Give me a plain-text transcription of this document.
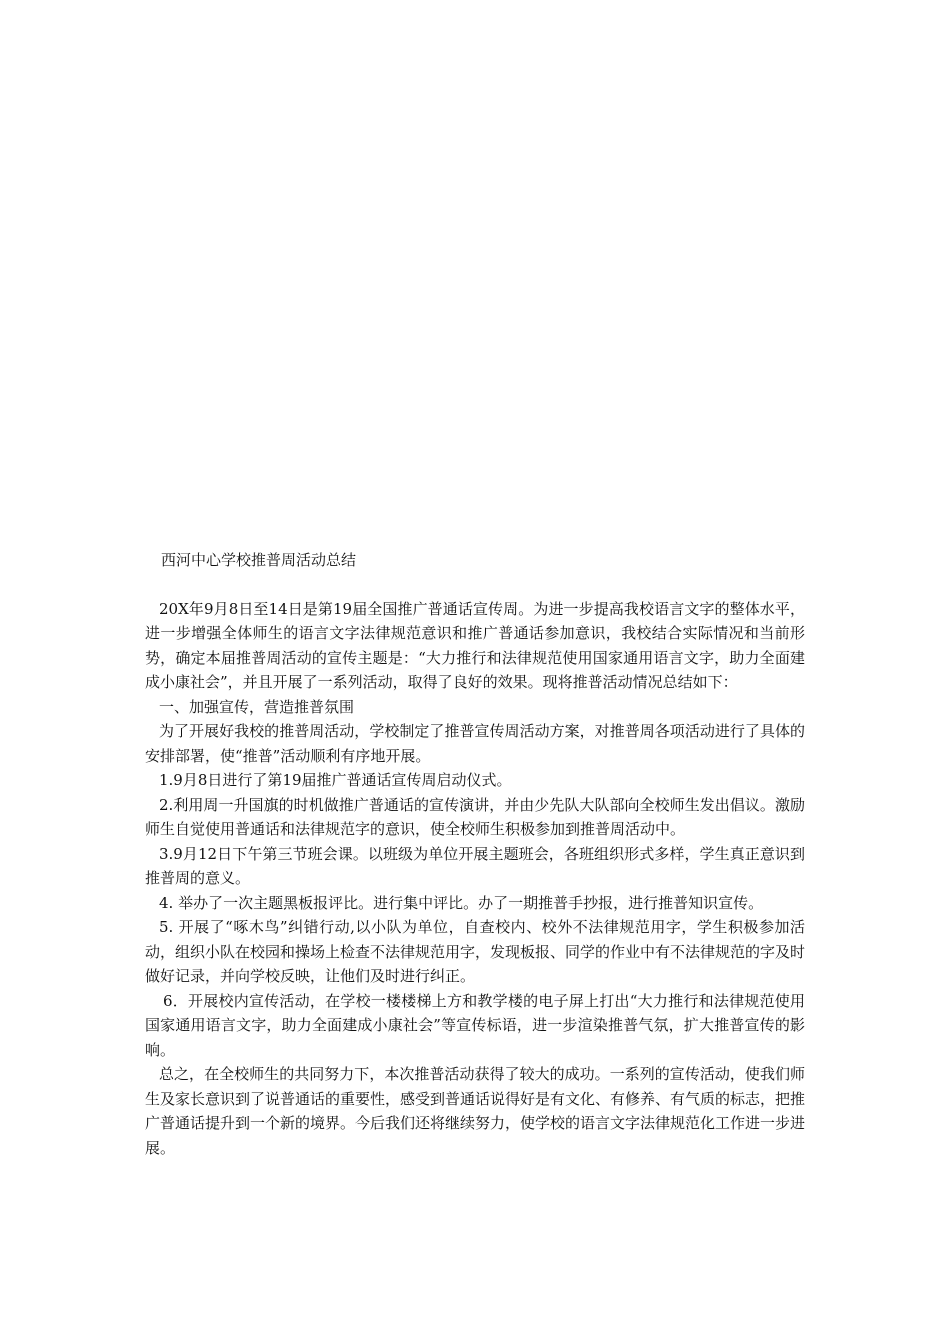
西河中心学校推普周活动总结

20X年9月8日至14日是第19届全国推广普通话宣传周。为进一步提高我校语言文字的整体水平，进一步增强全体师生的语言文字法律规范意识和推广普通话参加意识，我校结合实际情况和当前形势，确定本届推普周活动的宣传主题是：“大力推行和法律规范使用国家通用语言文字，助力全面建成小康社会”，并且开展了一系列活动，取得了良好的效果。现将推普活动情况总结如下：

一、加强宣传，营造推普氛围

为了开展好我校的推普周活动，学校制定了推普宣传周活动方案，对推普周各项活动进行了具体的安排部署，使“推普”活动顺利有序地开展。

1.9月8日进行了第19届推广普通话宣传周启动仪式。

2.利用周一升国旗的时机做推广普通话的宣传演讲，并由少先队大队部向全校师生发出倡议。激励师生自觉使用普通话和法律规范字的意识，使全校师生积极参加到推普周活动中。

3.9月12日下午第三节班会课。以班级为单位开展主题班会，各班组织形式多样，学生真正意识到推普周的意义。

4. 举办了一次主题黑板报评比。进行集中评比。办了一期推普手抄报，进行推普知识宣传。

5. 开展了“啄木鸟”纠错行动,以小队为单位，自查校内、校外不法律规范用字，学生积极参加活动，组织小队在校园和操场上检查不法律规范用字，发现板报、同学的作业中有不法律规范的字及时做好记录，并向学校反映，让他们及时进行纠正。

6．开展校内宣传活动，在学校一楼楼梯上方和教学楼的电子屏上打出“大力推行和法律规范使用国家通用语言文字，助力全面建成小康社会”等宣传标语，进一步渲染推普气氛，扩大推普宣传的影响。

总之，在全校师生的共同努力下，本次推普活动获得了较大的成功。一系列的宣传活动，使我们师生及家长意识到了说普通话的重要性，感受到普通话说得好是有文化、有修养、有气质的标志，把推广普通话提升到一个新的境界。今后我们还将继续努力，使学校的语言文字法律规范化工作进一步进展。
